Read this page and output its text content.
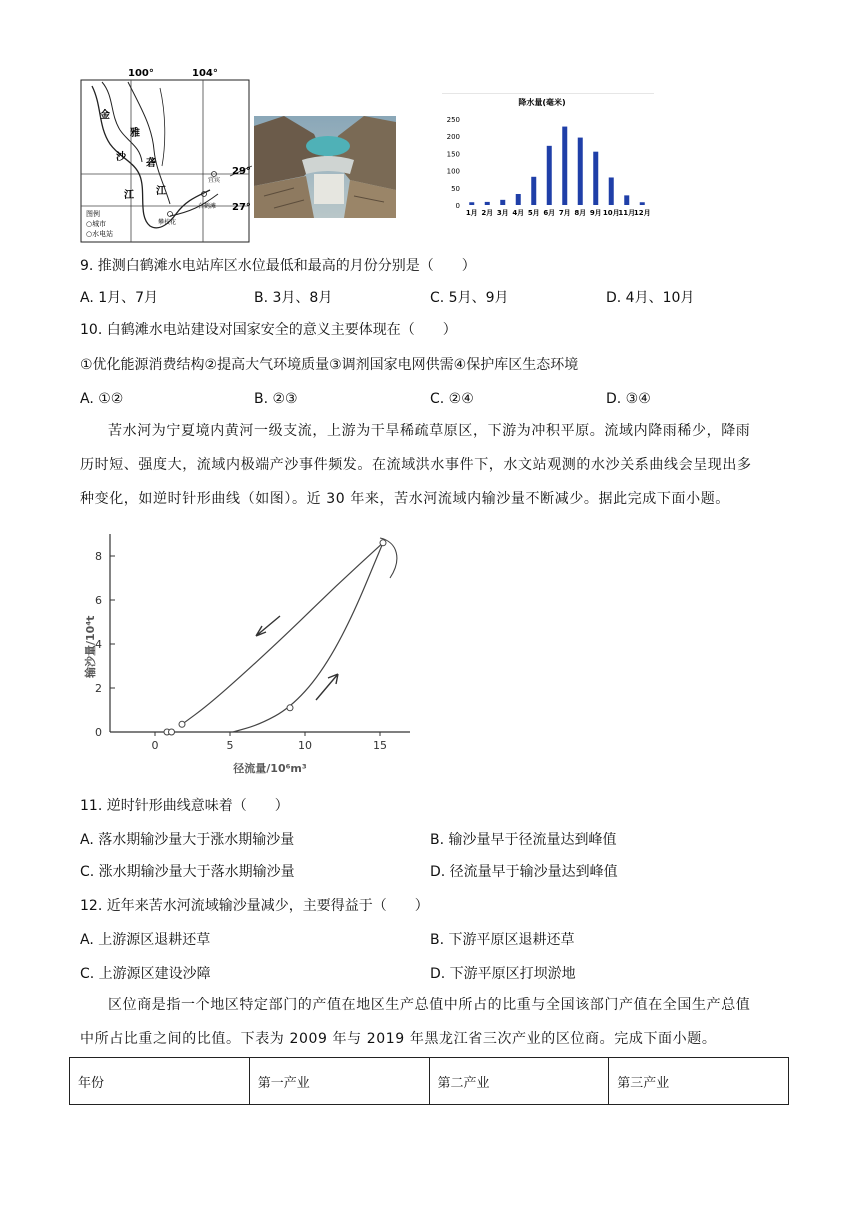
100°	104°
29°
27°
金
沙
江
雅
砻
江
宜宾
攀枝花
白鹤滩
图例
○城市
○水电站
降水量(毫米)
0
50
100
150
200
250
1月 2月 3月 4月 5月 6月 7月 8月 9月 10月
11月
12月
9. 推测白鹤滩水电站库区水位最低和最高的月份分别是（　　）
A. 1月、7月	B. 3月、8月	C. 5月、9月	D. 4月、10月
10. 白鹤滩水电站建设对国家安全的意义主要体现在（　　）
①优化能源消费结构②提高大气环境质量③调剂国家电网供需④保护库区生态环境
A. ①②	B. ②③	C. ②④	D. ③④
苦水河为宁夏境内黄河一级支流，上游为干旱稀疏草原区，下游为冲积平原。流域内降雨稀少，降雨
历时短、强度大，流域内极端产沙事件频发。在流域洪水事件下，水文站观测的水沙关系曲线会呈现出多
种变化，如逆时针形曲线（如图）。近 30 年来，苦水河流域内输沙量不断减少。据此完成下面小题。
0
2
4
6
8
0	5	10	15
输沙量/10⁴t
径流量/10⁶m³
11. 逆时针形曲线意味着（　　）
A. 落水期输沙量大于涨水期输沙量	B. 输沙量早于径流量达到峰值
C. 涨水期输沙量大于落水期输沙量	D. 径流量早于输沙量达到峰值
12. 近年来苦水河流域输沙量减少，主要得益于（　　）
A. 上游源区退耕还草	B. 下游平原区退耕还草
C. 上游源区建设沙障	D. 下游平原区打坝淤地
区位商是指一个地区特定部门的产值在地区生产总值中所占的比重与全国该部门产值在全国生产总值
中所占比重之间的比值。下表为 2009 年与 2019 年黑龙江省三次产业的区位商。完成下面小题。
年份	第一产业	第二产业	第三产业
